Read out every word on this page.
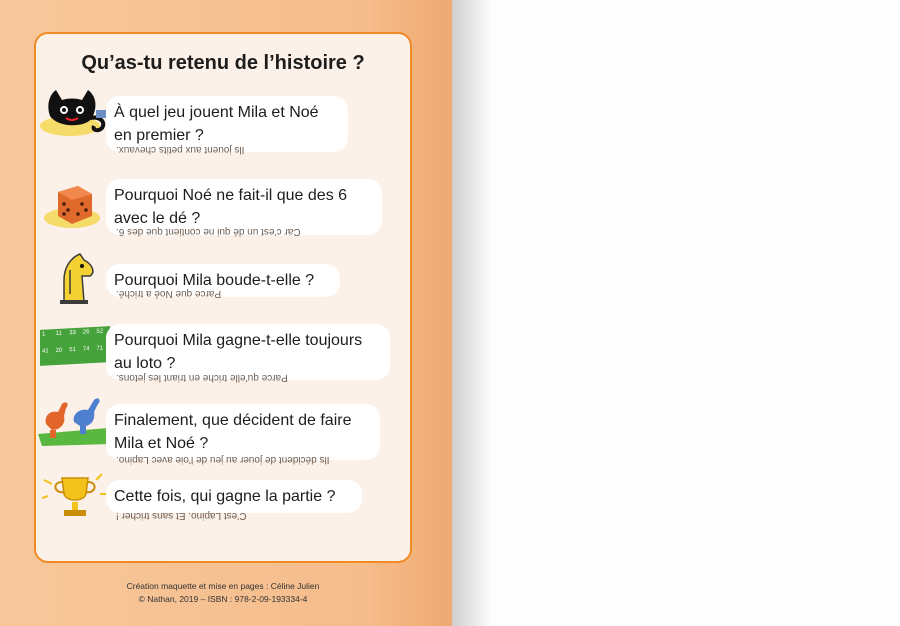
Qu’as-tu retenu de l’histoire ?
À quel jeu jouent Mila et Noé
en premier ?
Ils jouent aux petits chevaux.
Pourquoi Noé ne fait-il que des 6
avec le dé ?
Car c’est un dé qui ne contient que des 6.
Pourquoi Mila boude-t-elle ?
Parce que Noé a triché.
1	11	33	26	52
41	20	51	74	71 Pourquoi Mila gagne-t-elle toujours
au loto ?
Parce qu’elle triche en triant les jetons.
Finalement, que décident de faire
Mila et Noé ?
Ils décident de jouer au jeu de l’oie avec Lapino.
Cette fois, qui gagne la partie ?
C’est Lapino. Et sans tricher !
Création maquette et mise en pages : Céline Julien
© Nathan, 2019 – ISBN : 978-2-09-193334-4
